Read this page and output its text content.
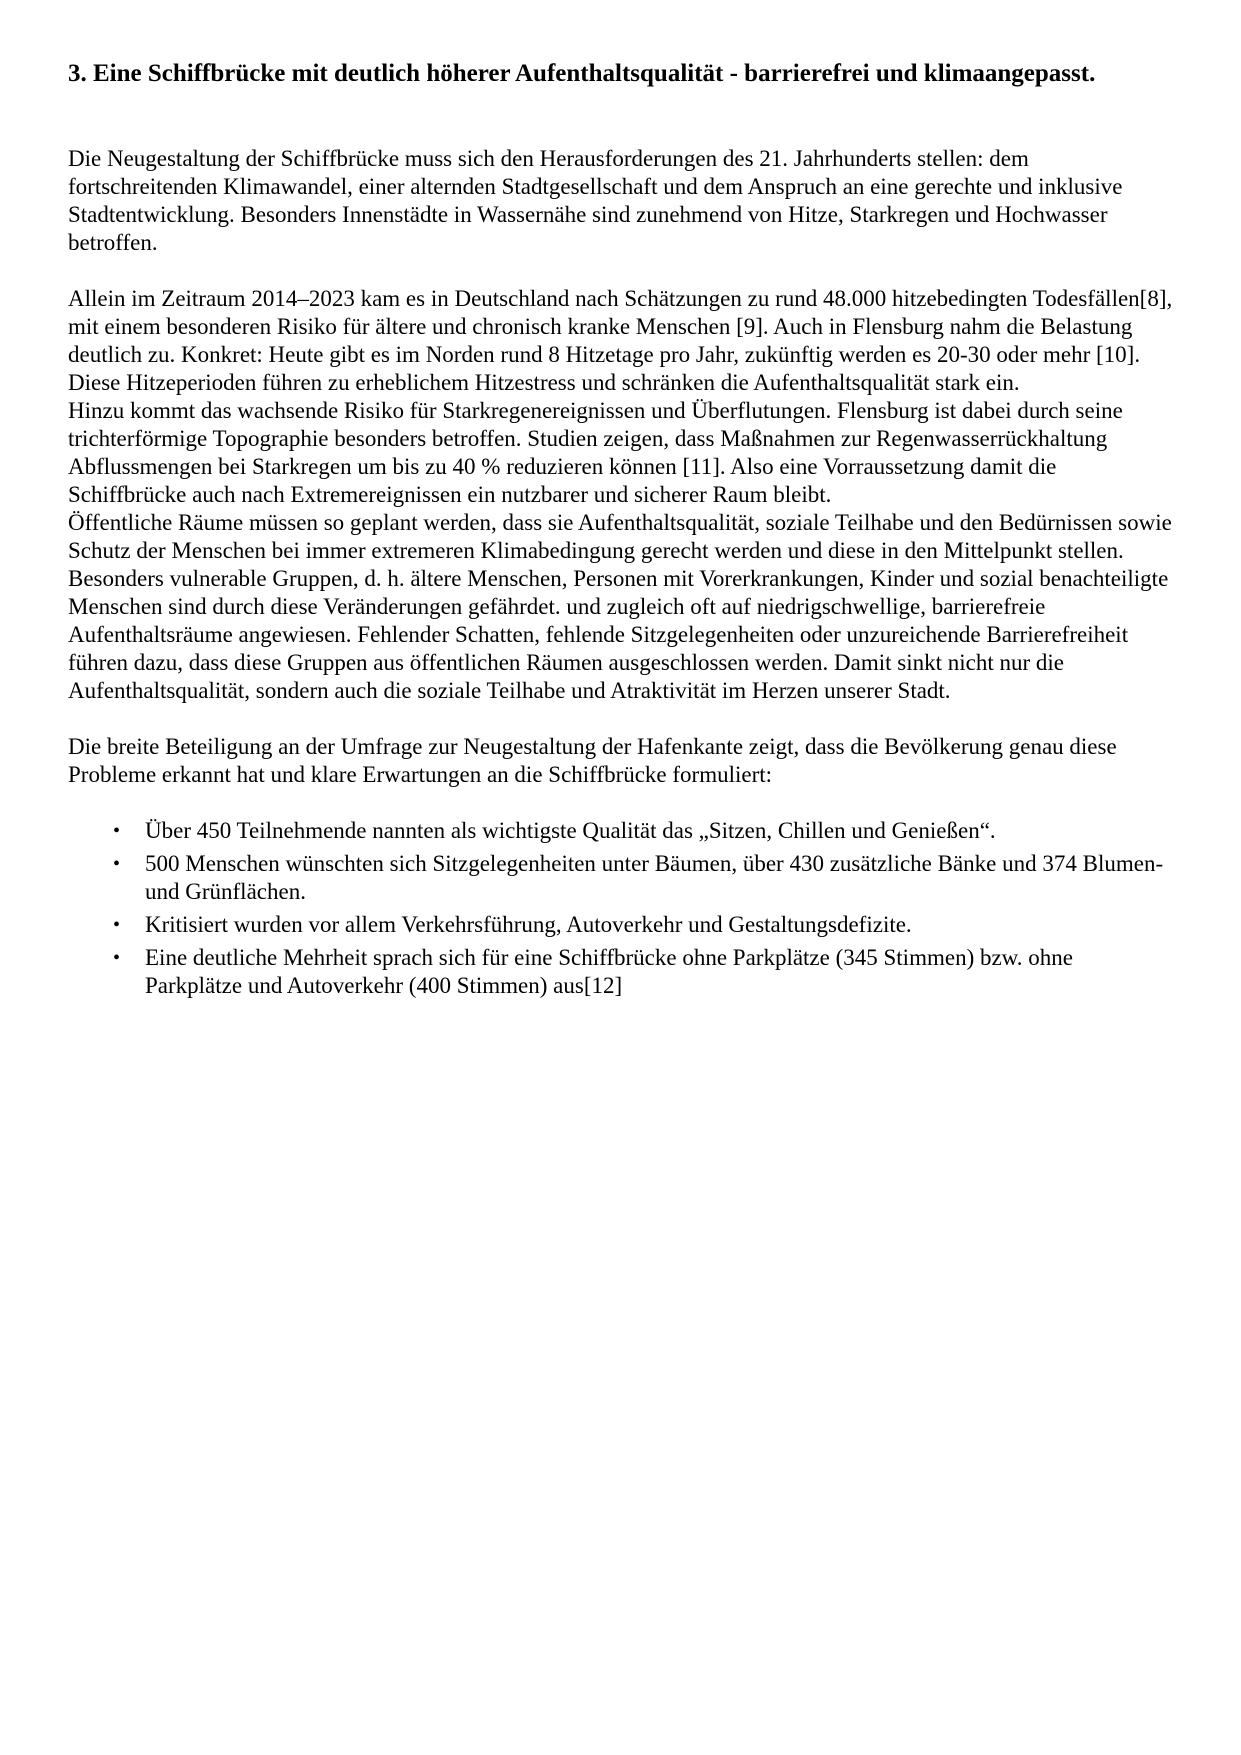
3. Eine Schiffbrücke mit deutlich höherer Aufenthaltsqualität - barrierefrei und klimaangepasst.

Die Neugestaltung der Schiffbrücke muss sich den Herausforderungen des 21. Jahrhunderts stellen: dem fortschreitenden Klimawandel, einer alternden Stadtgesellschaft und dem Anspruch an eine gerechte und inklusive Stadtentwicklung. Besonders Innenstädte in Wassernähe sind zunehmend von Hitze, Starkregen und Hochwasser betroffen.

Allein im Zeitraum 2014–2023 kam es in Deutschland nach Schätzungen zu rund 48.000 hitzebedingten Todesfällen[8], mit einem besonderen Risiko für ältere und chronisch kranke Menschen [9]. Auch in Flensburg nahm die Belastung deutlich zu. Konkret: Heute gibt es im Norden rund 8 Hitzetage pro Jahr, zukünftig werden es 20-30 oder mehr [10]. Diese Hitzeperioden führen zu erheblichem Hitzestress und schränken die Aufenthaltsqualität stark ein.

Hinzu kommt das wachsende Risiko für Starkregenereignissen und Überflutungen. Flensburg ist dabei durch seine trichterförmige Topographie besonders betroffen. Studien zeigen, dass Maßnahmen zur Regenwasserrückhaltung Abflussmengen bei Starkregen um bis zu 40 % reduzieren können [11]. Also eine Vorraussetzung damit die Schiffbrücke auch nach Extremereignissen ein nutzbarer und sicherer Raum bleibt.

Öffentliche Räume müssen so geplant werden, dass sie Aufenthaltsqualität, soziale Teilhabe und den Bedürnissen sowie Schutz der Menschen bei immer extremeren Klimabedingung gerecht werden und diese in den Mittelpunkt stellen.

Besonders vulnerable Gruppen, d. h. ältere Menschen, Personen mit Vorerkrankungen, Kinder und sozial benachteiligte Menschen sind durch diese Veränderungen gefährdet. und zugleich oft auf niedrigschwellige, barrierefreie Aufenthaltsräume angewiesen. Fehlender Schatten, fehlende Sitzgelegenheiten oder unzureichende Barrierefreiheit führen dazu, dass diese Gruppen aus öffentlichen Räumen ausgeschlossen werden. Damit sinkt nicht nur die Aufenthaltsqualität, sondern auch die soziale Teilhabe und Atraktivität im Herzen unserer Stadt.

Die breite Beteiligung an der Umfrage zur Neugestaltung der Hafenkante zeigt, dass die Bevölkerung genau diese Probleme erkannt hat und klare Erwartungen an die Schiffbrücke formuliert:

• Über 450 Teilnehmende nannten als wichtigste Qualität das „Sitzen, Chillen und Genießen“.
• 500 Menschen wünschten sich Sitzgelegenheiten unter Bäumen, über 430 zusätzliche Bänke und 374 Blumen- und Grünflächen.
• Kritisiert wurden vor allem Verkehrsführung, Autoverkehr und Gestaltungsdefizite.
• Eine deutliche Mehrheit sprach sich für eine Schiffbrücke ohne Parkplätze (345 Stimmen) bzw. ohne Parkplätze und Autoverkehr (400 Stimmen) aus[12]
